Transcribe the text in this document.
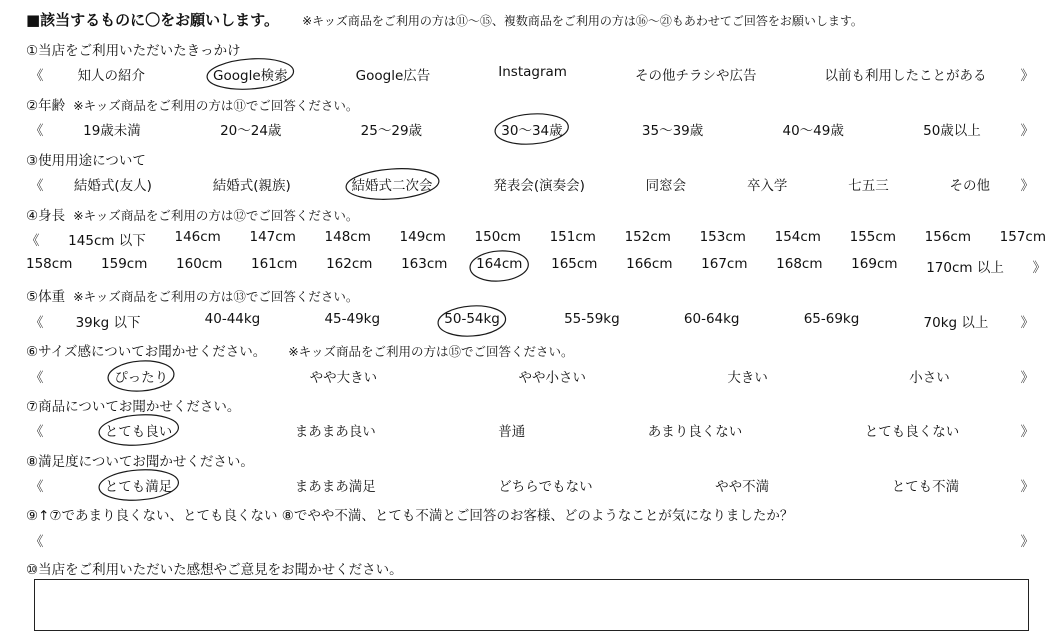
■該当するものに〇をお願いします。 ※キッズ商品をご利用の方は⑪〜⑮、複数商品をご利用の方は⑯〜㉑もあわせてご回答をお願いします。
①当店をご利用いただいたきっかけ
《	知人の紹介	Google検索	Google広告	Instagram	その他チラシや広告	以前も利用したことがある	》
②年齢 ※キッズ商品をご利用の方は⑪でご回答ください。
《	19歳未満	20〜24歳	25〜29歳	30〜34歳	35〜39歳	40〜49歳	50歳以上	》
③使用用途について
《 結婚式(友人)	結婚式(親族)	結婚式二次会	発表会(演奏会)	同窓会	卒入学	七五三	その他 》
④身長 ※キッズ商品をご利用の方は⑫でご回答ください。
《 145cm 以下 146cm 147cm 148cm 149cm 150cm 151cm 152cm 153cm 154cm 155cm 156cm 157cm
158cm 159cm 160cm 161cm 162cm 163cm 164cm 165cm 166cm 167cm 168cm 169cm 170cm 以上 》
⑤体重 ※キッズ商品をご利用の方は⑬でご回答ください。
《 39kg 以下	40-44kg	45-49kg	50-54kg	55-59kg	60-64kg	65-69kg	70kg 以上 》
⑥サイズ感についてお聞かせください。 ※キッズ商品をご利用の方は⑮でご回答ください。
《	ぴったり	やや大きい	やや小さい	大きい	小さい	》
⑦商品についてお聞かせください。
《	とても良い	まあまあ良い	普通	あまり良くない	とても良くない	》
⑧満足度についてお聞かせください。
《	とても満足	まあまあ満足	どちらでもない	やや不満	とても不満	》
⑨↑⑦であまり良くない、とても良くない ⑧でやや不満、とても不満とご回答のお客様、どのようなことが気になりましたか？
《	》
⑩当店をご利用いただいた感想やご意見をお聞かせください。
